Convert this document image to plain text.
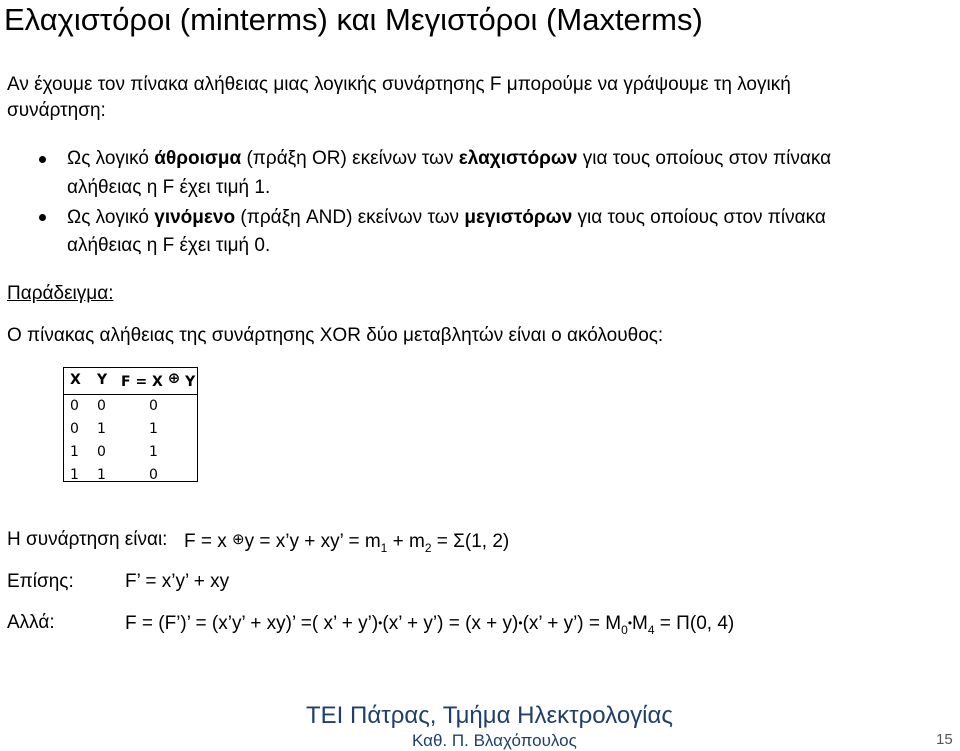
Ελαχιστόροι (minterms) και Μεγιστόροι (Maxterms)
Αν έχουμε τον πίνακα αλήθειας μιας λογικής συνάρτησης F μπορούμε να γράψουμε τη λογική
συνάρτηση:
Ως λογικό άθροισμα (πράξη OR) εκείνων των ελαχιστόρων για τους οποίους στον πίνακα
αλήθειας η F έχει τιμή 1.
Ως λογικό γινόμενο (πράξη AND) εκείνων των μεγιστόρων για τους οποίους στον πίνακα
αλήθειας η F έχει τιμή 0.
Παράδειγμα:
Ο πίνακας αλήθειας της συνάρτησης XOR δύο μεταβλητών είναι ο ακόλουθος:
X	Y	F = X ⊕ Y
0	0	0
0	1	1
1	0	1
1	1	0
Η συνάρτηση είναι: F = x ⊕y = x’y + xy’ = $m_1 + m_2 = \Sigma(1$, 2)
Επίσης:	F’ = x’y’ + xy
Αλλά:	F = (F’)’ = (x’y’ + xy)’ =( x’ + y’)•(x’ + y’) = (x + y)•(x’ + y’) = $M_0•M_4 = \Pi(0$, 4)
ΤΕΙ Πάτρας, Τμήμα Ηλεκτρολογίας
Καθ. Π. Βλαχόπουλος	15
